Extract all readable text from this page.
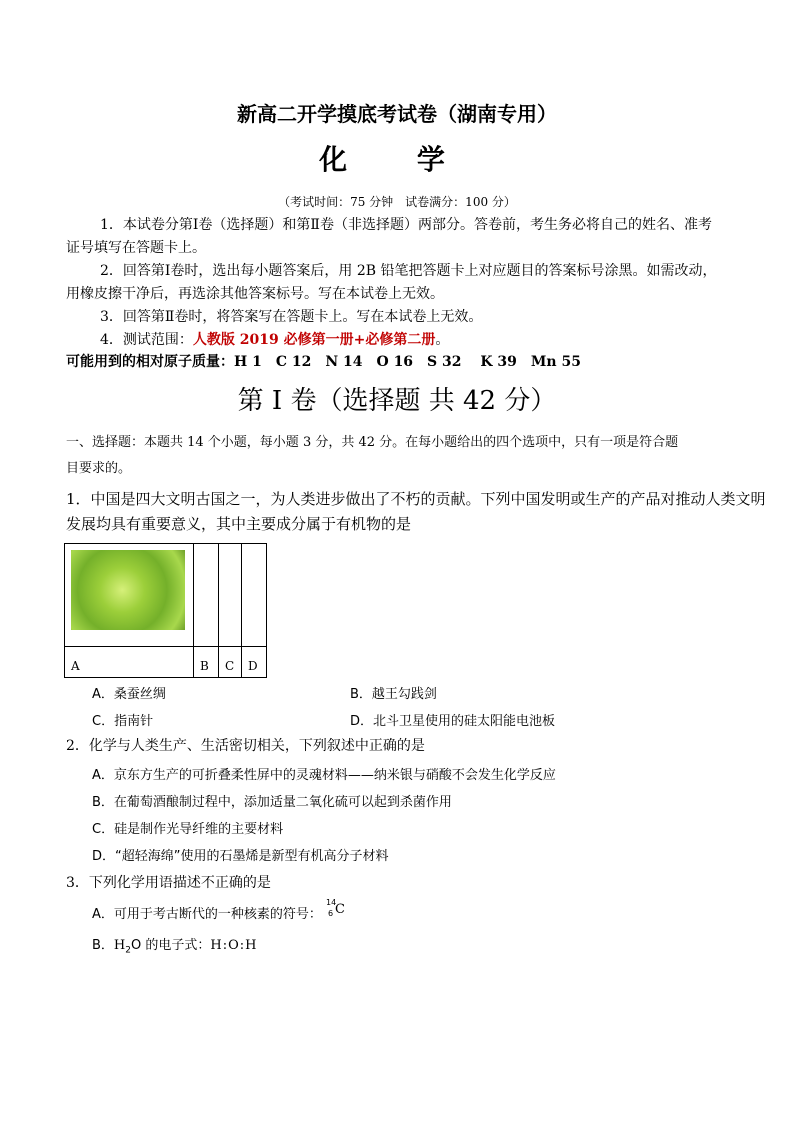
新高二开学摸底考试卷（湖南专用）
化 学
（考试时间：75 分钟　试卷满分：100 分）
1．本试卷分第Ⅰ卷（选择题）和第Ⅱ卷（非选择题）两部分。答卷前，考生务必将自己的姓名、准考
证号填写在答题卡上。
2．回答第Ⅰ卷时，选出每小题答案后，用 2B 铅笔把答题卡上对应题目的答案标号涂黑。如需改动，
用橡皮擦干净后，再选涂其他答案标号。写在本试卷上无效。
3．回答第Ⅱ卷时，将答案写在答题卡上。写在本试卷上无效。
4．测试范围：人教版 2019 必修第一册+必修第二册。
可能用到的相对原子质量：H 1　C 12　N 14　O 16　S 32　 K 39　Mn 55
第 I 卷（选择题 共 42 分）
一、选择题：本题共 14 个小题，每小题 3 分，共 42 分。在每小题给出的四个选项中，只有一项是符合题
目要求的。
1．中国是四大文明古国之一，为人类进步做出了不朽的贡献。下列中国发明或生产的产品对推动人类文明
发展均具有重要意义，其中主要成分属于有机物的是

A	B	C	D
A．桑蚕丝绸	B．越王勾践剑
C．指南针	D．北斗卫星使用的硅太阳能电池板
2．化学与人类生产、生活密切相关，下列叙述中正确的是
A．京东方生产的可折叠柔性屏中的灵魂材料——纳米银与硝酸不会发生化学反应
B．在葡萄酒酿制过程中，添加适量二氧化硫可以起到杀菌作用
C．硅是制作光导纤维的主要材料
D．“超轻海绵”使用的石墨烯是新型有机高分子材料
3．下列化学用语描述不正确的是
A．可用于考古断代的一种核素的符号：
14
6 C
B．$H_2O$ 的电子式：H:O:H
